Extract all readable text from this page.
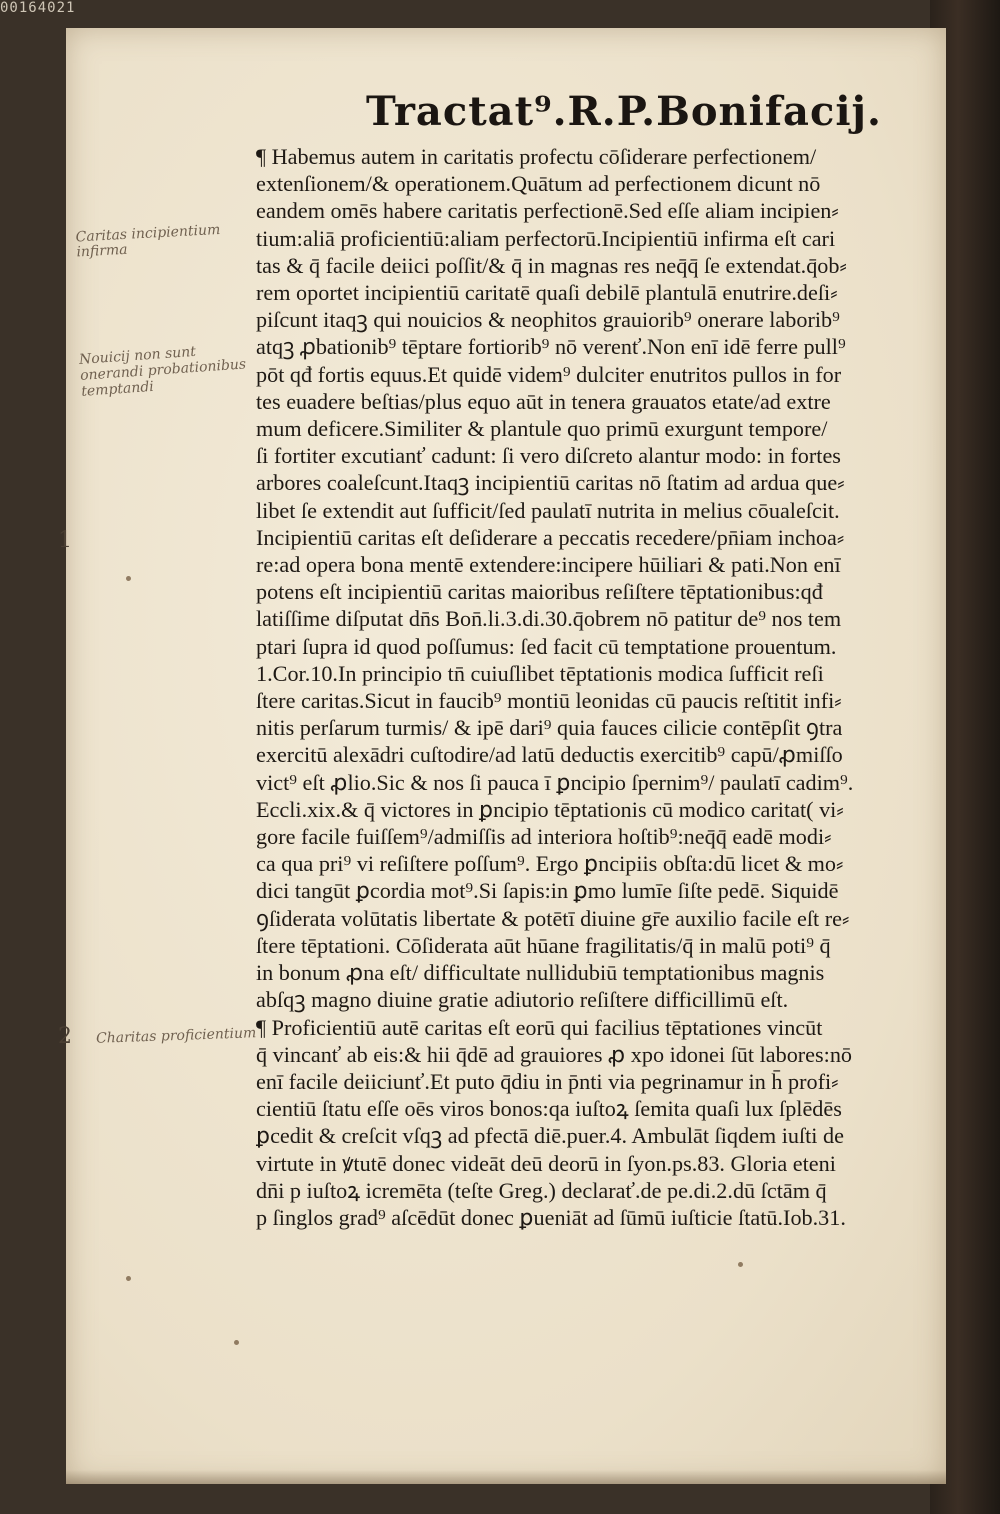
00164021
Tractat⁹.R.P.Bonifacij.
Caritas incipientium infirma
Nouicij non sunt onerandi probationibus temptandi
Charitas proficientium
1
2
¶ Habemus autem in caritatis profectu cōſiderare perfectionem/
extenſionem/& operationem.Quātum ad perfectionem dicunt nō
eandem omēs habere caritatis perfectionē.Sed eſſe aliam incipien⸗
tium:aliā proficientiū:aliam perfectorū.Incipientiū infirma eſt cari
tas & q̄ facile deiici poſſit/& q̄ in magnas res neq̄q̄ ſe extendat.q̄ob⸗
rem oportet incipientiū caritatē quaſi debilē plantulā enutrire.deſi⸗
piſcunt itaqꝫ qui nouicios & neophitos grauiorib⁹ onerare laborib⁹
atqꝫ ꝓbationib⁹ tēptare fortiorib⁹ nō verenť.Non enī idē ferre pull⁹
pōt qđ fortis equus.Et quidē videm⁹ dulciter enutritos pullos in for
tes euadere beſtias/plus equo aūt in tenera grauatos etate/ad extre
mum deficere.Similiter & plantule quo primū exurgunt tempore/
ſi fortiter excutianť cadunt: ſi vero diſcreto alantur modo: in fortes
arbores coaleſcunt.Itaqꝫ incipientiū caritas nō ſtatim ad ardua que⸗
libet ſe extendit aut ſufficit/ſed paulatī nutrita in melius cōualeſcit.
Incipientiū caritas eſt deſiderare a peccatis recedere/pn̄iam inchoa⸗
re:ad opera bona mentē extendere:incipere hūiliari & pati.Non enī
potens eſt incipientiū caritas maioribus reſiſtere tēptationibus:qđ
latiſſime diſputat dn̄s Bon̄.li.3.di.30.q̄obrem nō patitur de⁹ nos tem
ptari ſupra id quod poſſumus: ſed facit cū temptatione prouentum.
1.Cor.10.In principio tn̄ cuiuſlibet tēptationis modica ſufficit reſi
ſtere caritas.Sicut in faucib⁹ montiū leonidas cū paucis reſtitit infi⸗
nitis perſarum turmis/ & ipē dari⁹ quia fauces cilicie contēpſit ꝯtra
exercitū alexādri cuſtodire/ad latū deductis exercitib⁹ capū/ꝓmiſſo
vict⁹ eſt ꝓlio.Sic & nos ſi pauca ī ꝑncipio ſpernim⁹/ paulatī cadim⁹.
Eccli.xix.& q̄ victores in ꝑncipio tēptationis cū modico caritat( vi⸗
gore facile fuiſſem⁹/admiſſis ad interiora hoſtib⁹:neq̄q̄ eadē modi⸗
ca qua pri⁹ vi reſiſtere poſſum⁹. Ergo ꝑncipiis obſta:dū licet & mo⸗
dici tangūt ꝑcordia mot⁹.Si ſapis:in ꝑmo lumīe ſiſte pedē. Siquidē
ꝯſiderata volūtatis libertate & potētī diuine gr̄e auxilio facile eſt re⸗
ſtere tēptationi. Cōſiderata aūt hūane fragilitatis/q̄ in malū poti⁹ q̄
in bonum ꝓna eſt/ difficultate nullidubiū temptationibus magnis
abſqꝫ magno diuine gratie adiutorio reſiſtere difficillimū eſt.
¶ Proficientiū autē caritas eſt eorū qui facilius tēptationes vincūt
q̄ vincanť ab eis:& hii q̄dē ad grauiores ꝓ xpo idonei ſūt labores:nō
enī facile deiiciunť.Et puto q̄diu in p̄nti via pegrinamur in h̄ profi⸗
cientiū ſtatu eſſe oēs viros bonos:qa iuſtoꝝ ſemita quaſi lux ſplēdēs
ꝑcedit & creſcit vſqꝫ ad pfectā diē.puer.4. Ambulāt ſiqdem iuſti de
virtute in ꝟtutē donec videāt deū deorū in ſyon.ps.83. Gloria eteni
dn̄i p iuſtoꝝ icremēta (teſte Greg.) declarať.de pe.di.2.dū ſctām q̄
p ſinglos grad⁹ aſcēdūt donec ꝑueniāt ad ſūmū iuſticie ſtatū.Iob.31.
